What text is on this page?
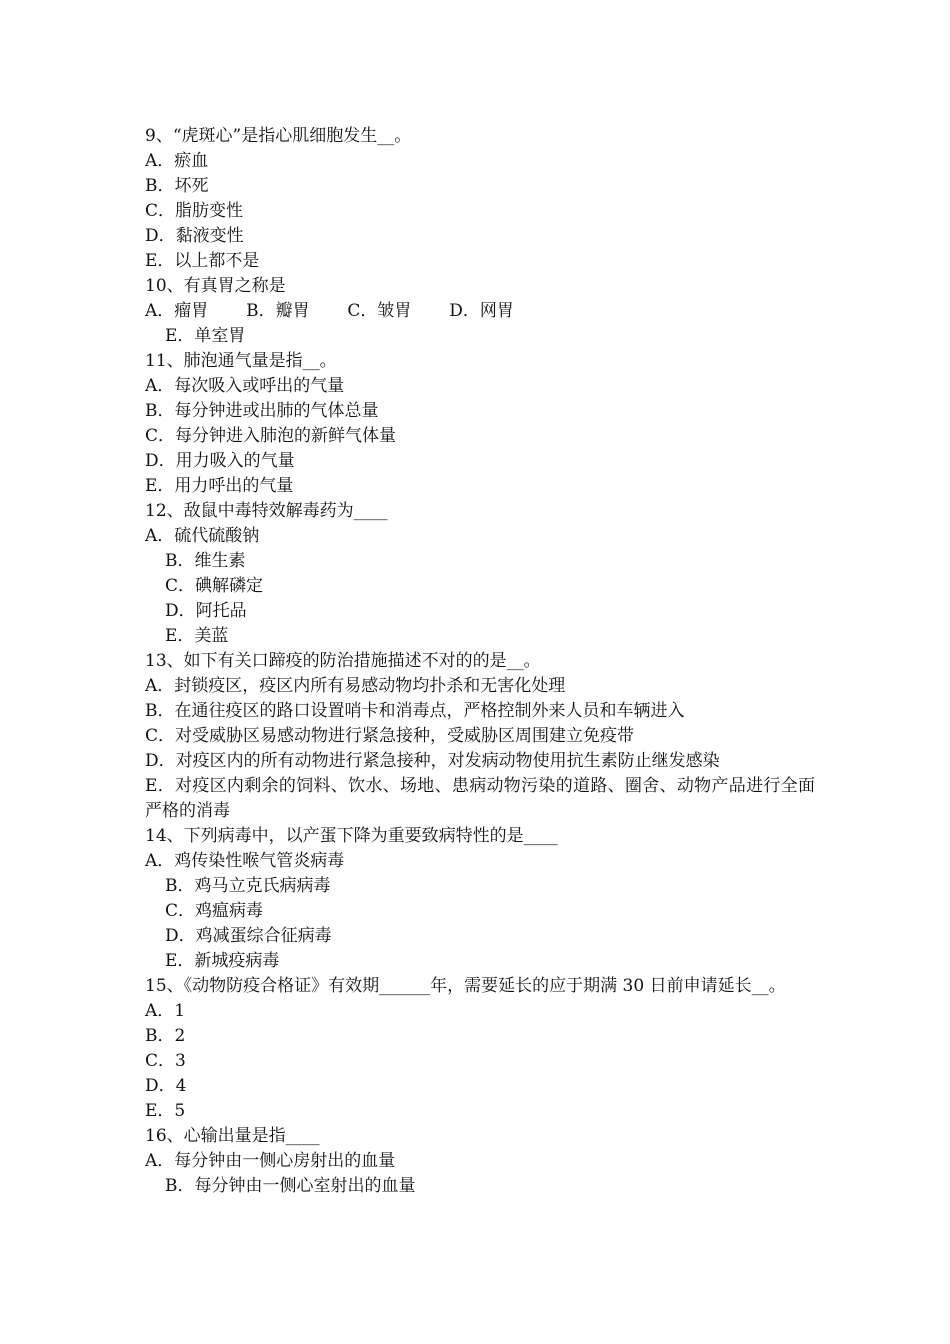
9、“虎斑心”是指心肌细胞发生__。
A．瘀血
B．坏死
C．脂肪变性
D．黏液变性
E．以上都不是
10、有真胃之称是
A．瘤胃       B．瓣胃       C．皱胃       D．网胃
E．单室胃
11、肺泡通气量是指__。
A．每次吸入或呼出的气量
B．每分钟进或出肺的气体总量
C．每分钟进入肺泡的新鲜气体量
D．用力吸入的气量
E．用力呼出的气量
12、敌鼠中毒特效解毒药为____
A．硫代硫酸钠
B．维生素
C．碘解磷定
D．阿托品
E．美蓝
13、如下有关口蹄疫的防治措施描述不对的的是__。
A．封锁疫区，疫区内所有易感动物均扑杀和无害化处理
B．在通往疫区的路口设置哨卡和消毒点，严格控制外来人员和车辆进入
C．对受威胁区易感动物进行紧急接种，受威胁区周围建立免疫带
D．对疫区内的所有动物进行紧急接种，对发病动物使用抗生素防止继发感染
E．对疫区内剩余的饲料、饮水、场地、患病动物污染的道路、圈舍、动物产品进行全面严格的消毒
14、下列病毒中，以产蛋下降为重要致病特性的是____
A．鸡传染性喉气管炎病毒
B．鸡马立克氏病病毒
C．鸡瘟病毒
D．鸡减蛋综合征病毒
E．新城疫病毒
15、《动物防疫合格证》有效期______年，需要延长的应于期满 30 日前申请延长__。
A．1
B．2
C．3
D．4
E．5
16、心输出量是指____
A．每分钟由一侧心房射出的血量
B．每分钟由一侧心室射出的血量
